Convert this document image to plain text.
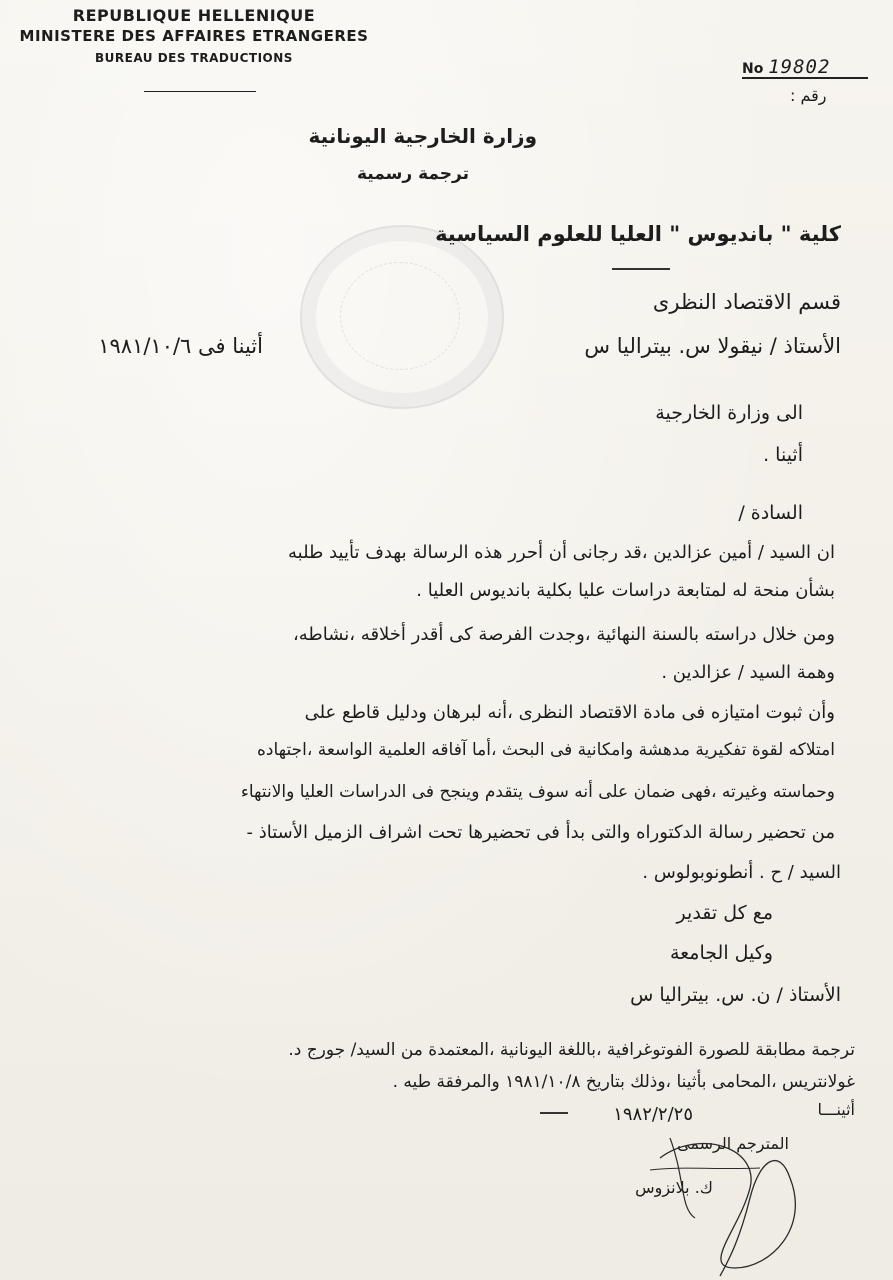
REPUBLIQUE HELLENIQUE
MINISTERE DES AFFAIRES ETRANGERES
BUREAU DES TRADUCTIONS
No 19802
رقم :
وزارة الخارجية اليونانية
ترجمة رسمية
كلية " بانديوس " العليا للعلوم السياسية
قسم الاقتصاد النظرى
الأستاذ / نيقولا س. بيتراليا س
أثينا فى ١٩٨١/١٠/٦
الى وزارة الخارجية
أثينا .
السادة /
ان السيد / أمين عزالدين ،قد رجانى أن أحرر هذه الرسالة بهدف تأييد طلبه
بشأن منحة له لمتابعة دراسات عليا بكلية بانديوس العليا .
ومن خلال دراسته بالسنة النهائية ،وجدت الفرصة كى أقدر أخلاقه ،نشاطه،
وهمة السيد / عزالدين .
وأن ثبوت امتيازه فى مادة الاقتصاد النظرى ،أنه لبرهان ودليل قاطع على
امتلاكه لقوة تفكيرية مدهشة وامكانية فى البحث ،أما آفاقه العلمية الواسعة ،اجتهاده
وحماسته وغيرته ،فهى ضمان على أنه سوف يتقدم وينجح فى الدراسات العليا والانتهاء
من تحضير رسالة الدكتوراه والتى بدأ فى تحضيرها تحت اشراف الزميل الأستاذ -
السيد / ح . أنطونوبولوس .
مع كل تقدير
وكيل الجامعة
الأستاذ / ن. س. بيتراليا س
ترجمة مطابقة للصورة الفوتوغرافية ،باللغة اليونانية ،المعتمدة من السيد/ جورج د.
غولانتريس ،المحامى بأثينا ،وذلك بتاريخ ١٩٨١/١٠/٨ والمرفقة طيه .
أثينـــا
١٩٨٢/٢/٢٥
المترجم الرسمى
ك. بلانزوس
